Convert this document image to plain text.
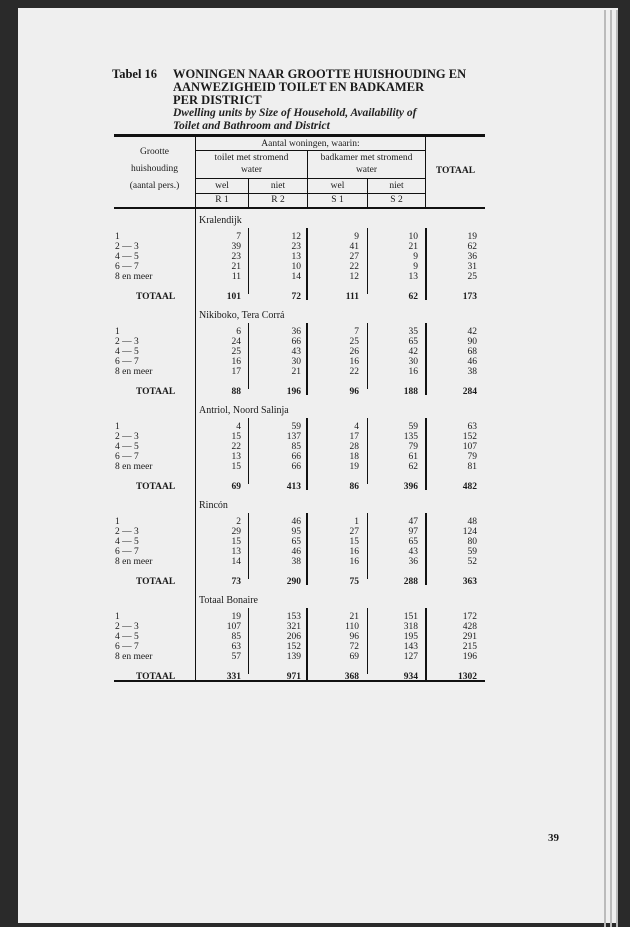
Tabel 16 WONINGEN NAAR GROOTTE HUISHOUDING EN
AANWEZIGHEID TOILET EN BADKAMER
PER DISTRICT
Dwelling units by Size of Household, Availability of
Toilet and Bathroom and District
Grootte
huishouding
(aantal pers.)
Aantal woningen, waarin:
toilet met stromend
water
badkamer met stromend
water
wel	niet	wel	niet
R 1	R 2	S 1	S 2
TOTAAL
Kralendijk
1	7	12	9	10	19
2 — 3	39	23	41	21	62
4 — 5	23	13	27	9	36
6 — 7	21	10	22	9	31
8 en meer	11	14	12	13	25
TOTAAL	101	72	111	62	173
Nikiboko, Tera Corrá
1	6	36	7	35	42
2 — 3	24	66	25	65	90
4 — 5	25	43	26	42	68
6 — 7	16	30	16	30	46
8 en meer	17	21	22	16	38
TOTAAL	88	196	96	188	284
Antriol, Noord Salinja
1	4	59	4	59	63
2 — 3	15	137	17	135	152
4 — 5	22	85	28	79	107
6 — 7	13	66	18	61	79
8 en meer	15	66	19	62	81
TOTAAL	69	413	86	396	482
Rincón
1	2	46	1	47	48
2 — 3	29	95	27	97	124
4 — 5	15	65	15	65	80
6 — 7	13	46	16	43	59
8 en meer	14	38	16	36	52
TOTAAL	73	290	75	288	363
Totaal Bonaire
1	19	153	21	151	172
2 — 3	107	321	110	318	428
4 — 5	85	206	96	195	291
6 — 7	63	152	72	143	215
8 en meer	57	139	69	127	196
TOTAAL	331	971	368	934	1302
39
